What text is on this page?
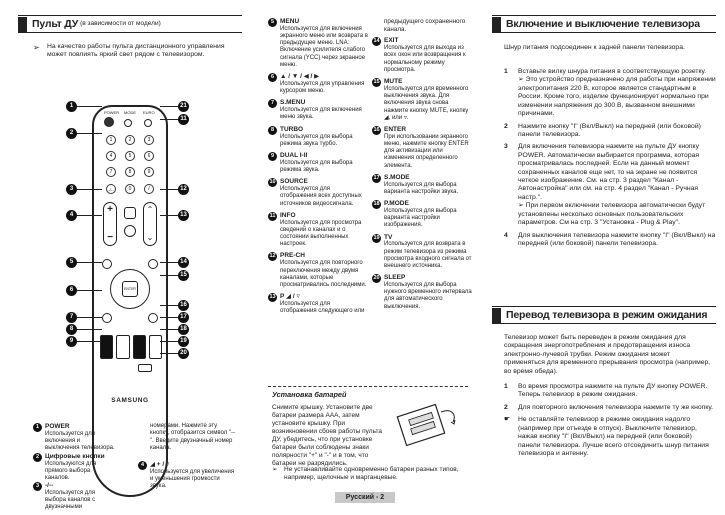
Пульт ДУ (в зависимости от модели)
➢	На качество работы пульта дистанционного управления может повлиять яркий свет рядом с телевизором.
POWER MODE EURO
1	2	3
4	5	6
7	8	9
-/--	0	/
+

−
⌃

⌄
ENTER
SAMSUNG
1
2
3
4
5
6
7
8
9
21
11
12
13
14
15
16
17
18
19
20
1 POWER
Используется для включения и выключения телевизора.
2 Цифровые кнопки
Используются для прямого выбора каналов.
3 -/--
Используется для выбора каналов с двузначными
номерами. Нажмите эту кнопку, отобразится символ "--". Введите двузначный номер канала.
4 ◢ + / ▿
Используется для увеличения и уменьшения громкости звука.
5 MENU
Используется для включения экранного меню или возврата в предыдущее меню. LNA: Включение усилителя слабого сигнала (YCC) через экранное меню.
6 ▲ / ▼ / ◀ / ▶
Используется для управления курсором меню.
7 S.MENU
Используется для включения меню звука.
8 TURBO
Используется для выбора режима звука турбо.
9 DUAL I-II
Используется для выбора режима звука.
10 SOURCE
Используется для отображения всех доступных источников видеосигнала.
11 INFO
Используется для просмотра сведений о каналах и о состоянии выполненных настроек.
12 PRE-CH
Используется для повторного переключения между двумя каналами, которые просматривались последними.
13 P ◢ / ▿
Используется для отображения следующего или
предыдущего сохраненного канала.
14 EXIT
Используется для выхода из всех окон или возвращения к нормальному режиму просмотра.
15 MUTE
Используется для временного выключения звука. Для включения звука снова нажмите кнопку MUTE, кнопку ◢, или ▿.
16 ENTER
При использовании экранного меню, нажмите кнопку ENTER для активизации или изменения определенного элемента.
17 S.MODE
Используется для выбора варианта настройки звука.
18 P.MODE
Используется для выбора варианта настройки изображения.
19 TV
Используется для возврата в режим телевизора из режима просмотра входного сигнала от внешнего источника.
20 SLEEP
Используется для выбора нужного временного интервала для автоматического выключения.
Установка батарей
Снимите крышку. Установите две батареи размера AAA, затем установите крышку. При возникновении сбоев работы пульта ДУ, убедитесь, что при установке батареи были соблюдены знаки полярности "+" и "-" и в том, что батареи не разрядились.
➢	Не устанавливайте одновременно батареи разных типов, например, щелочные и марганцевые.
Русский - 2
Включение и выключение телевизора
Шнур питания подсоединен к задней панели телевизора.
1	Вставьте вилку шнура питания в соответствующую розетку.
➢ Это устройство предназначено для работы при напряжении электропитания 220 В, которое является стандартным в России. Кроме того, изделие функционирует нормально при изменении напряжения до 300 В, вызванном внешними причинами.
2	Нажмите кнопку "I" (Вкл/Выкл) на передней (или боковой) панели телевизора.
3	Для включения телевизора нажмите на пульте ДУ кнопку POWER. Автоматически выбирается программа, которая просматривалась последней. Если на данный момент сохраненных каналов еще нет, то на экране не появится четкое изображение. См. на стр. 3 раздел "Канал - Автонастройка" или см. на стр. 4 раздел "Канал - Ручная настр.".
➢ При первом включении телевизора автоматически будут установлены несколько основных пользовательских параметров. См на стр. 3 "Установка - Plug & Play".
4	Для выключения телевизора нажмите кнопку "I" (Вкл/Выкл) на передней (или боковой) панели телевизора.
Перевод телевизора в режим ожидания
Телевизор может быть переведен в режим ожидания для сокращения энергопотребления и предотвращения износа электронно-лучевой трубки. Режим ожидания может применяться для временного прерывания просмотра (например, во время обеда).
1	Во время просмотра нажмите на пульте ДУ кнопку POWER. Теперь телевизор в режим ожидания.
2	Для повторного включения телевизора нажмите ту же кнопку.
☛	Не оставляйте телевизор в режиме ожидания надолго (например при отъезде в отпуск). Выключите телевизор, нажав кнопку "I" (Вкл/Выкл) на передней (или боковой) панели телевизора. Лучше всего отсоединить шнур питания телевизора и антенну.
